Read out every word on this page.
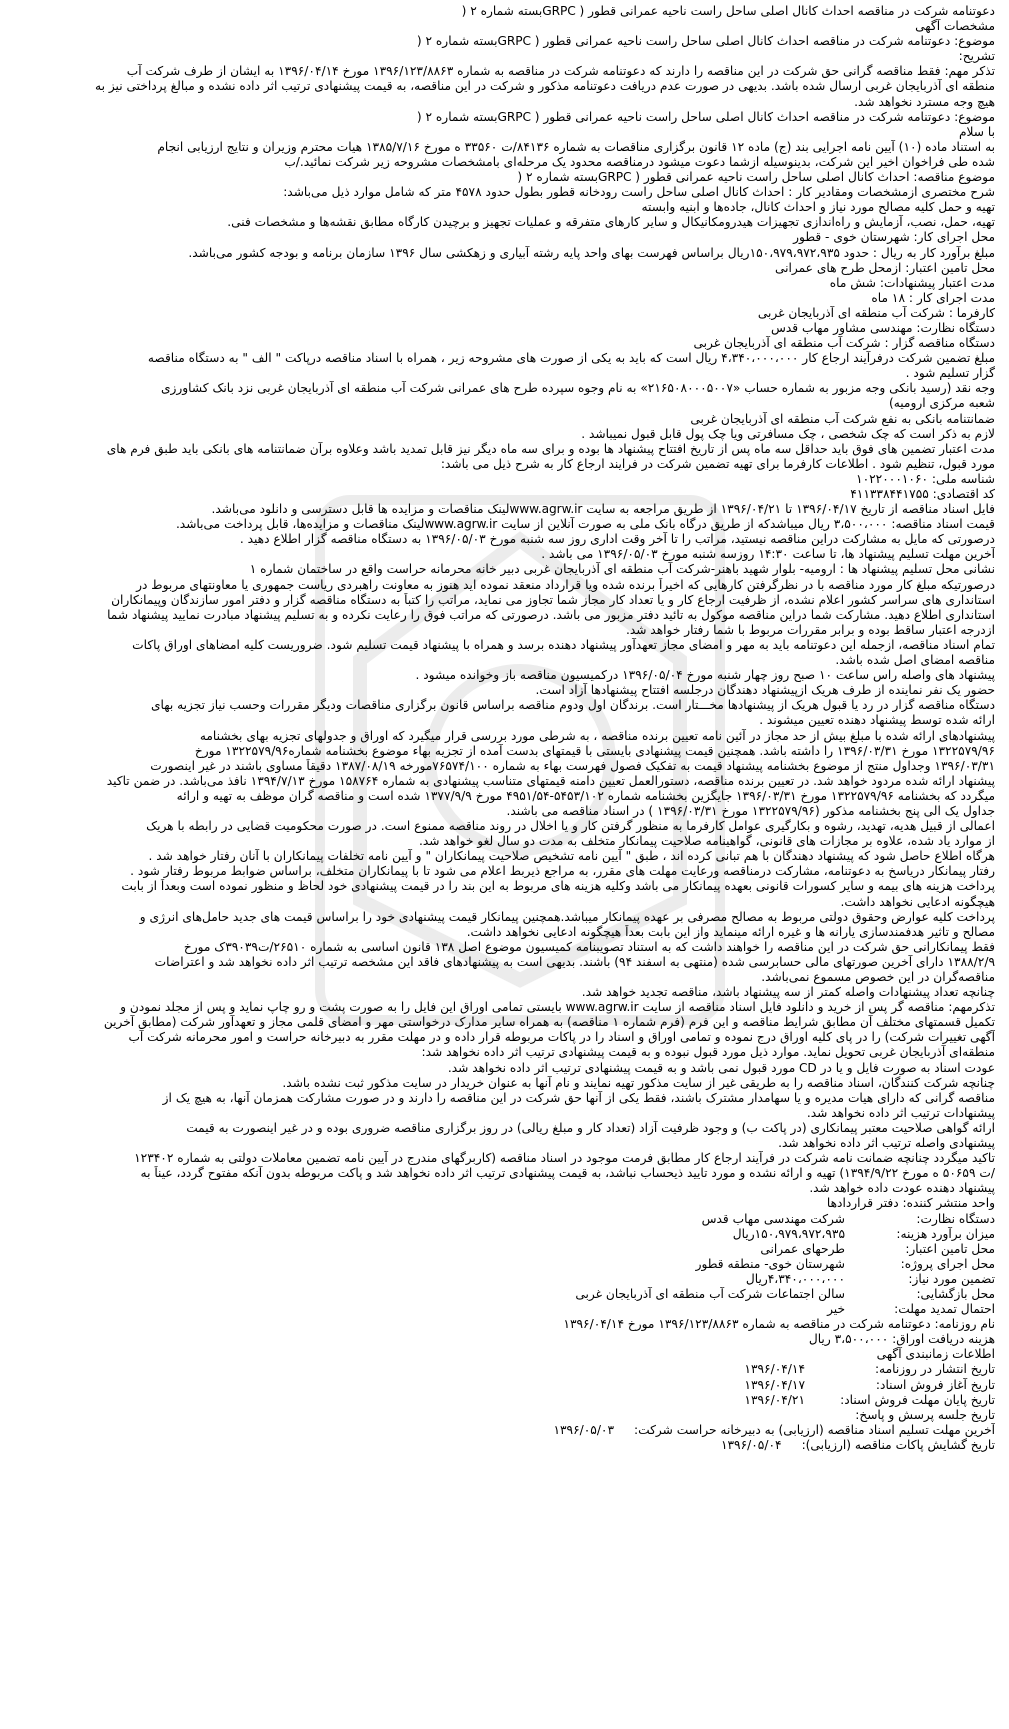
دعوتنامه شرکت در مناقصه احداث کانال اصلی ساحل راست ناحیه عمرانی قطور ( GRPCبسته شماره ۲ (
مشخصات آگهی
موضوع: دعوتنامه شرکت در مناقصه احداث کانال اصلی ساحل راست ناحیه عمرانی قطور ( GRPCبسته شماره ۲ (
تشریح:
تذکر مهم: فقط مناقصه گرانی حق شرکت در این مناقصه را دارند که دعوتنامه شرکت در مناقصه به شماره ۱۳۹۶/۱۲۳/۸۸۶۳ مورخ ۱۳۹۶/۰۴/۱۴ به ایشان از طرف شرکت آب
منطقه ای آذربایجان غربی ارسال شده باشد. بدیهی در صورت عدم دریافت دعوتنامه مذکور و شرکت در این مناقصه، به قیمت پیشنهادی ترتیب اثر داده نشده و مبالغ پرداختی نیز به
هیچ وجه مسترد نخواهد شد.
موضوع: دعوتنامه شرکت در مناقصه احداث کانال اصلی ساحل راست ناحیه عمرانی قطور ( GRPCبسته شماره ۲ (
با سلام
به استناد ماده (۱۰) آیین نامه اجرایی بند (ج) ماده ۱۲ قانون برگزاری مناقصات به شماره ۸۴۱۳۶/ت ۳۳۵۶۰ ه مورخ ۱۳۸۵/۷/۱۶ هیات محترم وزیران و نتایج ارزیابی انجام
شده طی فراخوان اخیر این شرکت، بدینوسیله ازشما دعوت میشود درمناقصه محدود یک مرحله‌ای بامشخصات مشروحه زیر شرکت نمائید./ب
موضوع مناقصه: احداث کانال اصلی ساحل راست ناحیه عمرانی قطور ( GRPCبسته شماره ۲ (
شرح مختصری ازمشخصات ومقادیر کار : احداث کانال اصلی ساحل راست رودخانه قطور بطول حدود ۴۵۷۸ متر که شامل موارد ذیل می‌باشد:
تهیه و حمل کلیه مصالح مورد نیاز و احداث کانال، جاده‌ها و ابنیه وابسته
تهیه، حمل، نصب، آزمایش و راه‌اندازی تجهیزات هیدرومکانیکال و سایر کارهای متفرقه و عملیات تجهیز و برچیدن کارگاه مطابق نقشه‌ها و مشخصات فنی.
محل اجرای کار: شهرستان خوی - قطور
مبلغ برآورد کار به ریال : حدود ۱۵۰،۹۷۹،۹۷۲،۹۳۵ریال براساس فهرست بهای واحد پایه رشته آبیاری و زهکشی سال ۱۳۹۶ سازمان برنامه و بودجه کشور می‌باشد.
محل تامین اعتبار: ازمحل طرح های عمرانی
مدت اعتبار پیشنهادات: شش ماه
مدت اجرای کار : ۱۸ ماه
کارفرما : شرکت آب منطقه ای آذربایجان غربی
دستگاه نظارت: مهندسی مشاور مهاب قدس
دستگاه مناقصه گزار : شرکت آب منطقه ای آذربایجان غربی
مبلغ تضمین شرکت درفرآیند ارجاع کار ۴،۳۴۰،۰۰۰،۰۰۰ ریال است که باید به یکی از صورت های مشروحه زیر ، همراه با اسناد مناقصه درپاکت " الف " به دستگاه مناقصه
گزار تسلیم شود .
وجه نقد (رسید بانکی وجه مزبور به شماره حساب «۲۱۶۵۰۸۰۰۰۵۰۰۷» به نام وجوه سپرده طرح های عمرانی شرکت آب منطقه ای آذربایجان غربی نزد بانک کشاورزی
شعبه مرکزی ارومیه)
ضمانتنامه بانکی به نفع شرکت آب منطقه ای آذربایجان غربی
لازم به ذکر است که چک شخصی ، چک مسافرتی ویا چک پول قابل قبول نمیباشد .
مدت اعتبار تضمین های فوق باید حداقل سه ماه پس از تاریخ افتتاح پیشنهاد ها بوده و برای سه ماه دیگر نیز قابل تمدید باشد وعلاوه برآن ضمانتنامه های بانکی باید طبق فرم های
مورد قبول، تنظیم شود . اطلاعات کارفرما برای تهیه تضمین شرکت در فرایند ارجاع کار به شرح ذیل می باشد:
شناسه ملی: ۱۰۲۲۰۰۰۱۰۶۰
کد اقتصادی: ۴۱۱۳۳۸۴۴۱۷۵۵
فایل اسناد مناقصه از تاریخ ۱۳۹۶/۰۴/۱۷ تا ۱۳۹۶/۰۴/۲۱ از طریق مراجعه به سایت www.agrw.irلینک مناقصات و مزایده ها قابل دسترسی و دانلود می‌باشد.
قیمت اسناد مناقصه: ۳،۵۰۰،۰۰۰ ریال میباشدکه از طریق درگاه بانک ملی به صورت آنلاین از سایت www.agrw.irلینک مناقصات و مزایده‌ها، قابل پرداخت می‌باشد.
درصورتی که مایل به مشارکت دراین مناقصه نیستید، مراتب را تا آخر وقت اداری روز سه شنبه مورخ ۱۳۹۶/۰۵/۰۳ به دستگاه مناقصه گزار اطلاع دهید .
آخرین مهلت تسلیم پیشنهاد ها، تا ساعت ۱۴:۳۰ روزسه شنبه مورخ ۱۳۹۶/۰۵/۰۳ می باشد .
نشانی محل تسلیم پیشنهاد ها : ارومیه- بلوار شهید باهنر-شرکت آب منطقه ای آذربایجان غربی دبیر خانه محرمانه حراست واقع در ساختمان شماره ۱
درصورتیکه مبلغ کار مورد مناقصه با در نظرگرفتن کارهایی که اخیراً برنده شده ویا قرارداد منعقد نموده اید هنوز به معاونت راهبردی ریاست جمهوری یا معاونتهای مربوط در
استانداری های سراسر کشور اعلام نشده، از ظرفیت ارجاع کار و یا تعداد کار مجاز شما تجاوز می نماید، مراتب را کتباً به دستگاه مناقصه گزار و دفتر امور سازندگان وپیمانکاران
استانداری اطلاع دهید. مشارکت شما دراین مناقصه موکول به تائید دفتر مزبور می باشد. درصورتی که مراتب فوق را رعایت نکرده و به تسلیم پیشنهاد مبادرت نمایید پیشنهاد شما
ازدرجه اعتبار ساقط بوده و برابر مقررات مربوط با شما رفتار خواهد شد.
تمام اسناد مناقصه، ازجمله این دعوتنامه باید به مهر و امضای مجاز تعهدآور پیشنهاد دهنده برسد و همراه با پیشنهاد قیمت تسلیم شود. ضروریست کلیه امضاهای اوراق پاکات
مناقصه امضای اصل شده باشد.
پیشنهاد های واصله راس ساعت ۱۰ صبح روز چهار شنبه مورخ ۱۳۹۶/۰۵/۰۴ درکمیسیون مناقصه باز وخوانده میشود .
حضور یک نفر نماینده از طرف هریک ازپیشنهاد دهندگان درجلسه افتتاح پیشنهادها آزاد است.
دستگاه مناقصه گزار در رد یا قبول هریک از پیشنهادها مخـــتار است. برندگان اول ودوم مناقصه براساس قانون برگزاری مناقصات ودیگر مقررات وحسب نیاز تجزیه بهای
ارائه شده توسط پیشنهاد دهنده تعیین میشوند .
پیشنهادهای ارائه شده با مبلغ بیش از حد مجاز در آئین نامه تعیین برنده مناقصه ، به شرطی مورد بررسی قرار میگیرد که اوراق و جدولهای تجزیه بهای بخشنامه
۱۳۲۲۵۷۹/۹۶ مورخ ۱۳۹۶/۰۳/۳۱ را داشته باشد. همچنین قیمت پیشنهادی بایستی با قیمتهای بدست آمده از تجزیه بهاء موضوع بخشنامه شماره۱۳۲۲۵۷۹/۹۶ مورخ
۱۳۹۶/۰۳/۳۱ وجداول منتج از موضوع بخشنامه پیشنهاد قیمت به تفکیک فصول فهرست بهاء به شماره ۷۶۵۷۴/۱۰۰مورخه ۱۳۸۷/۰۸/۱۹ دقیقاً مساوی باشند در غیر اینصورت
پیشنهاد ارائه شده مردود خواهد شد. در تعیین برنده مناقصه، دستورالعمل تعیین دامنه قیمتهای متناسب پیشنهادی به شماره ۱۵۸۷۶۴ مورخ ۱۳۹۴/۷/۱۳ نافذ می‌باشد. در ضمن تاکید
میگردد که بخشنامه ۱۳۲۲۵۷۹/۹۶ مورخ ۱۳۹۶/۰۳/۳۱ جایگزین بخشنامه شماره ۵۴۵۳/۱۰۲-۴۹۵۱/۵۴ مورخ ۱۳۷۷/۹/۹ شده است و مناقصه گران موظف به تهیه و ارائه
جداول یک الی پنج بخشنامه مذکور (۱۳۲۲۵۷۹/۹۶ مورخ ۱۳۹۶/۰۳/۳۱ ) در اسناد مناقصه می باشند.
اعمالی از قبیل هدیه، تهدید، رشوه و بکارگیری عوامل کارفرما به منظور گرفتن کار و یا اخلال در روند مناقصه ممنوع است. در صورت محکومیت قضایی در رابطه با هریک
از موارد یاد شده، علاوه بر مجازات های قانونی، گواهینامه صلاحیت پیمانکار متخلف به مدت دو سال لغو خواهد شد.
هرگاه اطلاع حاصل شود که پیشنهاد دهندگان با هم تبانی کرده اند ، طبق " آیین نامه تشخیص صلاحیت پیمانکاران " و آیین نامه تخلفات پیمانکاران با آنان رفتار خواهد شد .
رفتار پیمانکار دریاسخ به دعوتنامه، مشارکت درمناقصه ورعایت مهلت های مقرر، به مراجع ذیربط اعلام می شود تا با پیمانکاران متخلف، براساس ضوابط مربوط رفتار شود .
پرداخت هزینه های بیمه و سایر کسورات قانونی بعهده پیمانکار می باشد وکلیه هزینه های مربوط به این بند را در قیمت پیشنهادی خود لحاظ و منظور نموده است وبعداً از بابت
هیچگونه ادعایی نخواهد داشت.
پرداخت کلیه عوارض وحقوق دولتی مربوط به مصالح مصرفی بر عهده پیمانکار میباشد.همچنین پیمانکار قیمت پیشنهادی خود را براساس قیمت های جدید حامل‌های انرژی و
مصالح و تاثیر هدفمندسازی یارانه ها و غیره ارائه مینماید واز این بابت بعداً هیچگونه ادعایی نخواهد داشت.
فقط پیمانکارانی حق شرکت در این مناقصه را خواهند داشت که به استناد تصویبنامه کمیسیون موضوع اصل ۱۳۸ قانون اساسی به شماره ۲۶۵۱۰/ت۳۹۰۳۹ک مورخ
۱۳۸۸/۲/۹ دارای آخرین صورتهای مالی حسابرسی شده (منتهی به اسفند ۹۴) باشند. بدیهی است به پیشنهادهای فاقد این مشخصه ترتیب اثر داده نخواهد شد و اعتراضات
مناقصه‌گران در این خصوص مسموع نمی‌باشد.
چنانچه تعداد پیشنهادات واصله کمتر از سه پیشنهاد باشد، مناقصه تجدید خواهد شد.
تذکرمهم: مناقصه گر پس از خرید و دانلود فایل اسناد مناقصه از سایت www.agrw.ir بایستی تمامی اوراق این فایل را به صورت پشت و رو چاپ نماید و پس از مجلد نمودن و
تکمیل قسمتهای مختلف آن مطابق شرایط مناقصه و این فرم (فرم شماره ۱ مناقصه) به همراه سایر مدارک درخواستی مهر و امضای قلمی مجاز و تعهدآور شرکت (مطابق آخرین
آگهی تغییرات شرکت) را در پای کلیه اوراق درج نموده و تمامی اوراق و اسناد را در پاکات مربوطه قرار داده و در مهلت مقرر به دبیرخانه حراست و امور محرمانه شرکت آب
منطقه‌ای آذربایجان غربی تحویل نماید. موارد ذیل مورد قبول نبوده و به قیمت پیشنهادی ترتیب اثر داده نخواهد شد:
عودت اسناد به صورت فایل و یا در CD مورد قبول نمی باشد و به قیمت پیشنهادی ترتیب اثر داده نخواهد شد.
چنانچه شرکت کنندگان، اسناد مناقصه را به طریقی غیر از سایت مذکور تهیه نمایند و نام آنها به عنوان خریدار در سایت مذکور ثبت نشده باشد.
مناقصه گرانی که دارای هیات مدیره و یا سهامدار مشترک باشند، فقط یکی از آنها حق شرکت در این مناقصه را دارند و در صورت مشارکت همزمان آنها، به هیچ یک از
پیشنهادات ترتیب اثر داده نخواهد شد.
ارائه گواهی صلاحیت معتبر پیمانکاری (در پاکت ب) و وجود ظرفیت آزاد (تعداد کار و مبلغ ریالی) در روز برگزاری مناقصه ضروری بوده و در غیر اینصورت به قیمت
پیشنهادی واصله ترتیب اثر داده نخواهد شد.
تاکید میگردد چنانچه ضمانت نامه شرکت در فرآیند ارجاع کار مطابق فرمت موجود در اسناد مناقصه (کاربرگهای مندرج در آیین نامه تضمین معاملات دولتی به شماره ۱۲۳۴۰۲
/ت ۵۰۶۵۹ ه مورخ ۱۳۹۴/۹/۲۲) تهیه و ارائه نشده و مورد تایید ذیحساب نباشد، به قیمت پیشنهادی ترتیب اثر داده نخواهد شد و پاکت مربوطه بدون آنکه مفتوح گردد، عیناً به
پیشنهاد دهنده عودت داده خواهد شد.
واحد منتشر کننده: دفتر قراردادها
دستگاه نظارت:
شرکت مهندسی مهاب قدس
میزان برآورد هزینه:
۱۵۰،۹۷۹،۹۷۲،۹۳۵ریال
محل تامین اعتبار:
طرحهای عمرانی
محل اجرای پروژه:
شهرستان خوی- منطقه قطور
تضمین مورد نیاز:
۴،۳۴۰،۰۰۰،۰۰۰ریال
محل بازگشایی:
سالن اجتماعات شرکت آب منطقه ای آذربایجان غربی
احتمال تمدید مهلت:
خیر
نام روزنامه: دعوتنامه شرکت در مناقصه به شماره ۱۳۹۶/۱۲۳/۸۸۶۳ مورخ ۱۳۹۶/۰۴/۱۴
هزینه دریافت اوراق: ۳،۵۰۰،۰۰۰ ریال
اطلاعات زمانبندی آگهی
تاریخ انتشار در روزنامه:
۱۳۹۶/۰۴/۱۴
تاریخ آغاز فروش اسناد:
۱۳۹۶/۰۴/۱۷
تاریخ پایان مهلت فروش اسناد:
۱۳۹۶/۰۴/۲۱
تاریخ جلسه پرسش و پاسخ:
آخرین مهلت تسلیم اسناد مناقصه (ارزیابی) به دبیرخانه حراست شرکت:
۱۳۹۶/۰۵/۰۳
تاریخ گشایش پاکات مناقصه (ارزیابی):
۱۳۹۶/۰۵/۰۴
